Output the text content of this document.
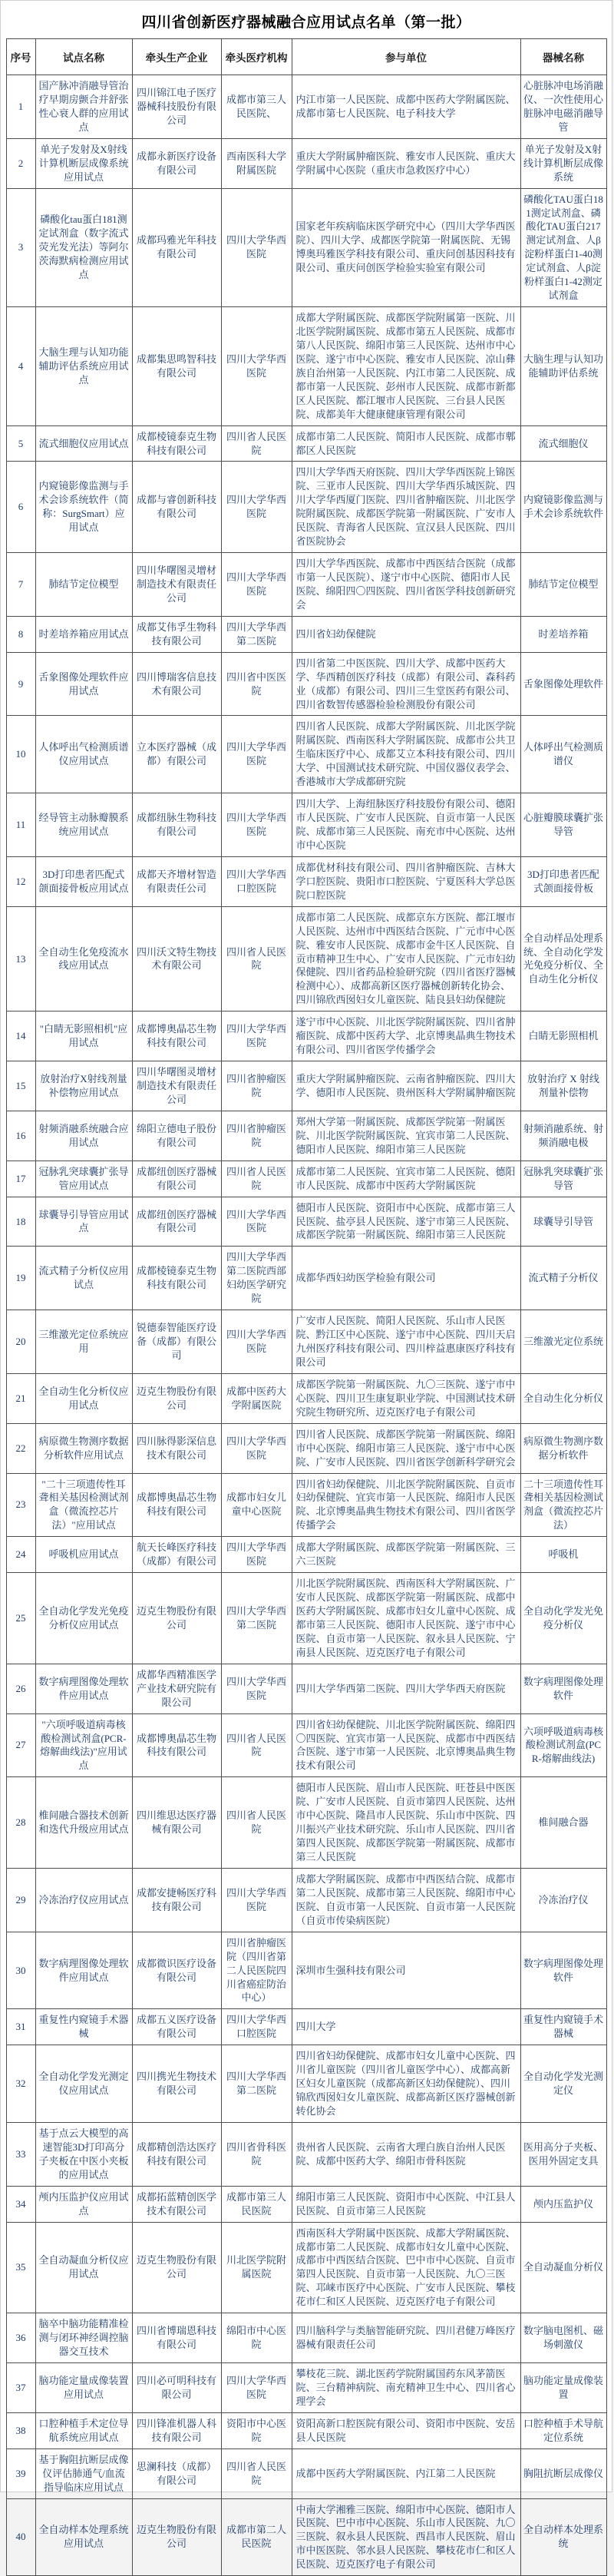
四川省创新医疗器械融合应用试点名单（第一批）
序号	试点名称	牵头生产企业	牵头医疗机构	参与单位	器械名称
1	国产脉冲消融导管治疗早期房颤合并舒张性心衰人群的应用试点	四川锦江电子医疗器械科技股份有限公司	成都市第三人民医院、	内江市第一人民医院、成都中医药大学附属医院、成都市第七人民医院、电子科技大学	心脏脉冲电场消融仪、一次性使用心脏脉冲电磁消融导管
2	单光子发射及X射线计算机断层成像系统应用试点	成都永新医疗设备有限公司	西南医科大学附属医院	重庆大学附属肿瘤医院、雅安市人民医院、重庆大学附属中心医院（重庆市急救医疗中心）	单光子发射及X射线计算机断层成像系统
3	磷酸化tau蛋白181测定试剂盒（数字流式荧光发光法）等阿尔茨海默病检测应用试点	成都玛雅光年科技有限公司	四川大学华西医院	国家老年疾病临床医学研究中心（四川大学华西医院）、四川大学、成都医学院第一附属医院、无锡博奥玛雅医学科技有限公司、重庆问创基因科技有限公司、重庆问创医学检验实验室有限公司	磷酸化TAU蛋白181测定试剂盒、磷酸化TAU蛋白217测定试剂盒、人β淀粉样蛋白1-40测定试剂盒、人β淀粉样蛋白1-42测定试剂盒
4	大脑生理与认知功能辅助评估系统应用试点	成都集思鸣智科技有限公司	四川大学华西医院	成都大学附属医院、成都医学院附属第一医院、川北医学院附属医院、成都市第五人民医院、成都市第八人民医院、绵阳市第三人民医院、达州市中心医院、遂宁市中心医院、雅安市人民医院、凉山彝族自治州第一人民医院、内江市第二人民医院、成都市第一人民医院、彭州市人民医院、成都市新都区人民医院、都江堰市人民医院、三台县人民医院、成都美年大健康健康管理有限公司	大脑生理与认知功能辅助评估系统
5	流式细胞仪应用试点	成都棱镜泰克生物科技有限公司	四川省人民医院	成都市第二人民医院、简阳市人民医院、成都市郫都区人民医院	流式细胞仪
6	内窥镜影像监测与手术会诊系统软件（简称：SurgSmart）应用试点	成都与睿创新科技有限公司	四川大学华西医院	四川大学华西天府医院、四川大学华西医院上锦医院、三亚市人民医院、四川大学华西乐城医院、四川大学华西厦门医院、四川省肿瘤医院、川北医学院附属医院、成都医学院第一附属医院、广安市人民医院、青海省人民医院、宣汉县人民医院、四川省医院协会	内窥镜影像监测与手术会诊系统软件
7	肺结节定位模型	四川华曙图灵增材制造技术有限责任公司	四川大学华西医院	四川大学华西医院、成都市中西医结合医院（成都市第一人民医院）、遂宁市中心医院、德阳市人民医院、绵阳四〇四医院、四川省医学科技创新研究会	肺结节定位模型
8	时差培养箱应用试点	成都艾伟孚生物科技有限公司	四川大学华西第二医院	四川省妇幼保健院	时差培养箱
9	舌象图像处理软件应用试点	四川博瑞客信息技术有限公司	四川省中医医院	四川省第二中医医院、四川大学、成都中医药大学、华西精创医疗科技（成都）有限公司、森科药业（成都）有限公司、四川三生堂医药有限公司、四川省数智传感器检验检测股份有限公司	舌象图像处理软件
10	人体呼出气检测质谱仪应用试点	立本医疗器械（成都）有限公司	四川大学华西医院	四川省人民医院、成都大学附属医院、川北医学院附属医院、西南医科大学附属医院、成都市公共卫生临床医疗中心、成都艾立本科技有限公司、四川大学、中国测试技术研究院、中国仪器仪表学会、香港城市大学成都研究院	人体呼出气检测质谱仪
11	经导管主动脉瓣膜系统应用试点	成都纽脉生物科技有限公司	四川大学华西医院	四川大学、上海纽脉医疗科技股份有限公司、德阳市人民医院、广安市人民医院、自贡市第一人民医院、成都市第三人民医院、南充市中心医院、达州市中心医院	心脏瓣膜球囊扩张导管
12	3D打印患者匹配式颌面接骨板应用试点	成都天齐增材智造有限责任公司	四川大学华西口腔医院	成都优材科技有限公司、四川省肿瘤医院、吉林大学口腔医院、贵阳市口腔医院、宁夏医科大学总医院口腔医院	3D打印患者匹配式颌面接骨板
13	全自动生化免疫流水线应用试点	四川沃文特生物技术有限公司	四川省人民医院	成都市第二人民医院、成都京东方医院、都江堰市人民医院、达州市中西医结合医院、广元市中心医院、雅安市人民医院、成都市金牛区人民医院、自贡市精神卫生中心、广安市人民医院、广元市妇幼保健院、四川省药品检验研究院（四川省医疗器械检测中心）、成都高新区医疗器械创新转化协会、四川锦欣西囡妇女儿童医院、陆良县妇幼保健院	全自动样品处理系统、全自动化学发光免疫分析仪、全自动生化分析仪
14	"白睛无影照相机"应用试点	成都博奥晶芯生物科技有限公司	四川大学华西医院	遂宁市中心医院、川北医学院附属医院、四川省肿瘤医院、成都中医药大学、北京博奥晶典生物技术有限公司、四川省医学传播学会	白睛无影照相机
15	放射治疗X射线剂量补偿物应用试点	四川华曙图灵增材制造技术有限责任公司	四川省肿瘤医院	重庆大学附属肿瘤医院、云南省肿瘤医院、四川大学、德阳市人民医院、贵州医科大学附属肿瘤医院	放射治疗 X 射线剂量补偿物
16	射频消融系统融合应用试点	绵阳立德电子股份有限公司	四川省肿瘤医院	郑州大学第一附属医院、成都医学院第一附属医院、川北医学院附属医院、宜宾市第二人民医院、德阳市人民医院、绵阳市第三人民医院	射频消融系统、射频消融电极
17	冠脉乳突球囊扩张导管应用试点	成都纽创医疗器械有限公司	四川省人民医院	成都市第二人民医院、宜宾市第二人民医院、德阳市人民医院、成都市中医药大学附属医院	冠脉乳突球囊扩张导管
18	球囊导引导管应用试点	成都纽创医疗器械有限公司	四川大学华西医院	德阳市人民医院、资阳市中心医院、成都市第三人民医院、盐亭县人民医院、遂宁市第三人民医院、成都医学院第一附属医院、绵阳市第三人民医院	球囊导引导管
19	流式精子分析仪应用试点	成都棱镜泰克生物科技有限公司	四川大学华西第二医院西部妇幼医学研究院	成都华西妇幼医学检验有限公司	流式精子分析仪
20	三维激光定位系统应用	锐德泰智能医疗设备（成都）有限公司	四川大学华西医院	广安市人民医院、简阳人民医院、乐山市人民医院、黔江区中心医院、遂宁市中心医院、四川天启九州医疗科技有限公司、四川梓益惠康医疗科技有限公司	三维激光定位系统
21	全自动生化分析仪应用试点	迈克生物股份有限公司	成都中医药大学附属医院	成都医学院第一附属医院、九〇三医院、遂宁市中心医院、四川卫生康复职业学院、中国测试技术研究院生物研究所、迈克医疗电子有限公司	全自动生化分析仪
22	病原微生物测序数据分析软件应用试点	四川脉得影深信息技术有限公司	四川大学华西医院	四川省人民医院、成都医学院第一附属医院、绵阳市中心医院、绵阳市第三人民医院、遂宁市中心医院、广安市人民医院、四川省医学创新科学研究会	病原微生物测序数据分析软件
23	"二十三项遗传性耳聋相关基因检测试剂盒（微流控芯片法）"应用试点	成都博奥晶芯生物科技有限公司	成都市妇女儿童中心医院	四川省妇幼保健院、川北医学院附属医院、自贡市妇幼保健院、宜宾市第一人民医院、绵阳市人民医院、北京博奥晶典生物技术有限公司、四川省医学传播学会	二十三项遗传性耳聋相关基因检测试剂盒（微流控芯片法）
24	呼吸机应用试点	航天长峰医疗科技（成都）有限公司	四川大学华西医院	成都大学附属医院、成都医学院第一附属医院、三六三医院	呼吸机
25	全自动化学发光免疫分析仪应用试点	迈克生物股份有限公司	四川大学华西第二医院	川北医学院附属医院、西南医科大学附属医院、广安市人民医院、成都医学院第一附属医院、成都中医药大学附属医院、成都市妇女儿童中心医院、成都市第三人民医院、德阳市人民医院、遂宁市中心医院、自贡市第一人民医院、叙永县人民医院、宁南县人民医院、迈克医疗电子有限公司	全自动化学发光免疫分析仪
26	数字病理图像处理软件应用试点	成都华西精准医学产业技术研究院有限公司	四川大学华西医院	四川大学华西第二医院、四川大学华西天府医院	数字病理图像处理软件
27	"六项呼吸道病毒核酸检测试剂盒(PCR-熔解曲线法)"应用试点	成都博奥晶芯生物科技有限公司	四川省人民医院	四川省妇幼保健院、川北医学院附属医院、绵阳四〇四医院、宜宾市第一人民医院、成都市中西医结合医院、遂宁市第一人民医院、北京博奥晶典生物技术有限公司	六项呼吸道病毒核酸检测试剂盒(PCR-熔解曲线法)
28	椎间融合器技术创新和迭代升级应用试点	四川维思达医疗器械有限公司	四川省人民医院	德阳市人民医院、眉山市人民医院、旺苍县中医医院、广安市人民医院、自贡市第四人民医院、达州市中心医院、隆昌市人民医院、乐山市中医院、四川振兴产业技术研究院、乐山市人民医院、四川省第四人民医院、成都医学院第一附属医院、成都市第三人民医院	椎间融合器
29	冷冻治疗仪应用试点	成都安捷畅医疗科技有限公司	四川大学华西医院	成都大学附属医院、成都市中西医结合院、成都市第二人民医院、成都市第三人民医院、绵阳市中心医院、自贡市第一人民医院、自贡市第一人民医院（自贡市传染病医院）	冷冻治疗仪
30	数字病理图像处理软件应用试点	成都微识医疗设备有限公司	四川省肿瘤医院（四川省第二人民医院四川省癌症防治中心）	深圳市生强科技有限公司	数字病理图像处理软件
31	重复性内窥镜手术器械	成都五义医疗设备有限公司	四川大学华西口腔医院	四川大学	重复性内窥镜手术器械
32	全自动化学发光测定仪应用试点	四川携光生物技术有限公司	四川大学华西第二医院	四川省妇幼保健院、成都市妇女儿童中心医院、四川省儿童医院（四川省儿童医学中心）、成都高新区妇女儿童医院（成都高新区妇幼保健院）、四川锦欣西囡妇女儿童医院、成都高新区医疗器械创新转化协会	全自动化学发光测定仪
33	基于点云大模型的高速智能3D打印高分子夹板在中医小夹板的应用试点	成都精创浩达医疗科技有限公司	四川省骨科医院	贵州省人民医院、云南省大理白族自治州人民医院、成都中医药大学、绵阳市骨科医院	医用高分子夹板、医用外固定支具
34	颅内压监护仪应用试点	成都拓蓝精创医学技术有限公司	成都市第三人民医院	绵阳市第三人民医院、资阳市中心医院、中江县人民医院、自贡市第三人民医院	颅内压监护仪
35	全自动凝血分析仪应用试点	迈克生物股份有限公司	川北医学院附属医院	西南医科大学附属中医医院、成都大学附属医院、成都市第二人民医院、成都市妇女儿童中心医院、成都市中西医结合医院、巴中市中心医院、自贡市第四人民医院、自贡市第一人民医院、九〇三医院、邛崃市医疗中心医院、广安市人民医院、攀枝花市仁和区人民医院、迈克医疗电子有限公司	全自动凝血分析仪
36	脑卒中脑功能精准检测与闭环神经调控脑器交互技术	四川省博瑞恩科技有限公司	绵阳市中心医院	四川脑科学与类脑智能研究院、四川君健万峰医疗器械有限责任公司	数字脑电图机、磁场刺激仪
37	脑功能定量成像装置应用试点	四川必可明科技有限公司	四川大学华西医院	攀枝花三院、湖北医药学院附属国药东风茅箭医院、三台精神病院、南充精神卫生中心、四川省心理学会	脑功能定量成像装置
38	口腔种植手术定位导航系统应用试点	四川锋准机器人科技有限公司	资阳市中心医院	资阳高新口腔医院有限公司、资阳市中医院、安岳县人民医院	口腔种植手术导航定位系统
39	基于胸阻抗断层成像仪评估肺通气/血流指导临床应用试点	思澜科技（成都）有限公司	四川省人民医院	成都中医药大学附属医院、内江第二人民医院	胸阻抗断层成像仪
40	全自动样本处理系统应用试点	迈克生物股份有限公司	成都市第二人民医院	中南大学湘雅三医院、绵阳市中心医院、德阳市人民医院、巴中市中心医院、乐山市人民医院、九〇三医院、叙永县人民医院、西昌市人民医院、眉山市中医医院、邻水县人民医院、攀枝花市仁和区人民医院、迈克医疗电子有限公司	全自动样本处理系统
